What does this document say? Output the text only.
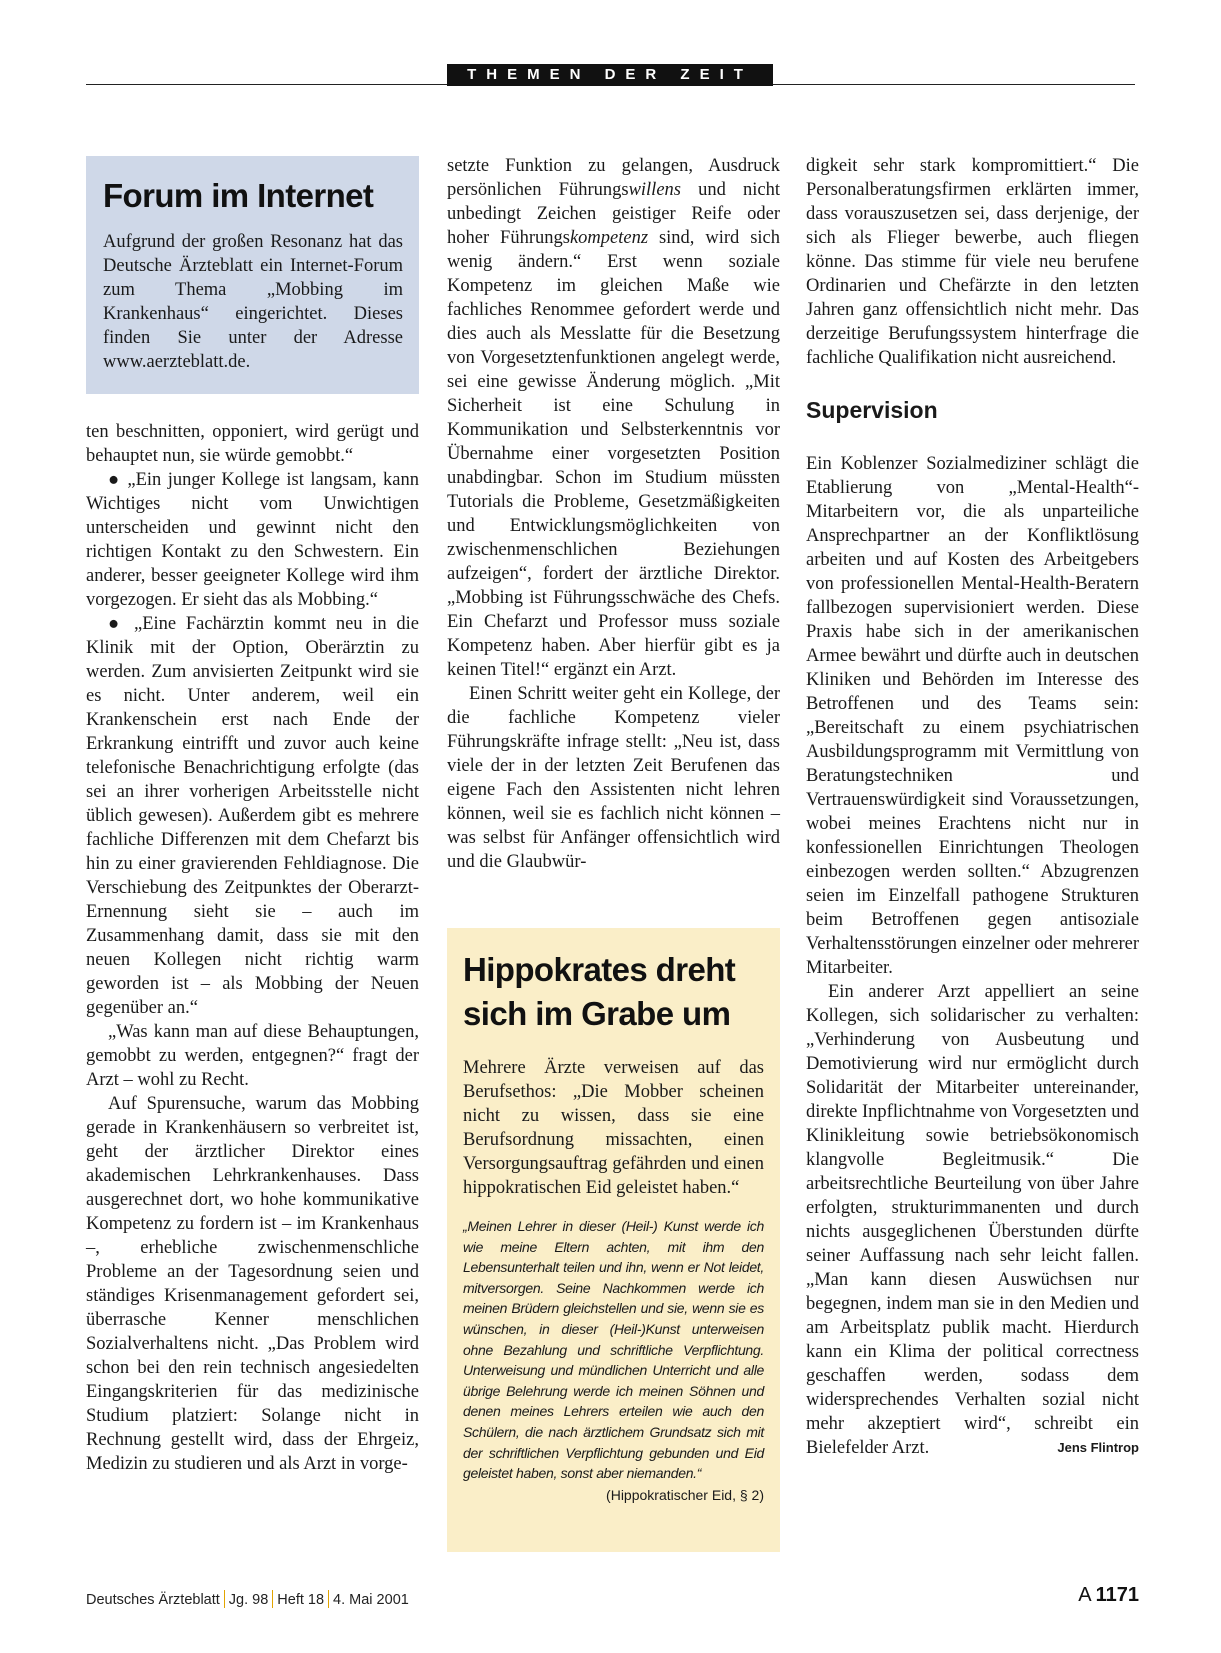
THEMEN DER ZEIT
Forum im Internet

Aufgrund der großen Resonanz hat das Deutsche Ärzteblatt ein Internet-Forum zum Thema „Mobbing im Krankenhaus“ eingerichtet. Dieses finden Sie unter der Adresse www.aerzteblatt.de.

ten beschnitten, opponiert, wird gerügt und behauptet nun, sie würde gemobbt.“

● „Ein junger Kollege ist langsam, kann Wichtiges nicht vom Unwichtigen unterscheiden und gewinnt nicht den richtigen Kontakt zu den Schwestern. Ein anderer, besser geeigneter Kollege wird ihm vorgezogen. Er sieht das als Mobbing.“

● „Eine Fachärztin kommt neu in die Klinik mit der Option, Oberärztin zu werden. Zum anvisierten Zeitpunkt wird sie es nicht. Unter anderem, weil ein Krankenschein erst nach Ende der Erkrankung eintrifft und zuvor auch keine telefonische Benachrichtigung erfolgte (das sei an ihrer vorherigen Arbeitsstelle nicht üblich gewesen). Außerdem gibt es mehrere fachliche Differenzen mit dem Chefarzt bis hin zu einer gravierenden Fehldiagnose. Die Verschiebung des Zeitpunktes der Oberarzt-Ernennung sieht sie – auch im Zusammenhang damit, dass sie mit den neuen Kollegen nicht richtig warm geworden ist – als Mobbing der Neuen gegenüber an.“

„Was kann man auf diese Behauptungen, gemobbt zu werden, entgegnen?“ fragt der Arzt – wohl zu Recht.

Auf Spurensuche, warum das Mobbing gerade in Krankenhäusern so verbreitet ist, geht der ärztlicher Direktor eines akademischen Lehrkrankenhauses. Dass ausgerechnet dort, wo hohe kommunikative Kompetenz zu fordern ist – im Krankenhaus –, erhebliche zwischenmenschliche Probleme an der Tagesordnung seien und ständiges Krisenmanagement gefordert sei, überrasche Kenner menschlichen Sozialverhaltens nicht. „Das Problem wird schon bei den rein technisch angesiedelten Eingangskriterien für das medizinische Studium platziert: Solange nicht in Rechnung gestellt wird, dass der Ehrgeiz, Medizin zu studieren und als Arzt in vorge-

setzte Funktion zu gelangen, Ausdruck persönlichen Führungswillens und nicht unbedingt Zeichen geistiger Reife oder hoher Führungskompetenz sind, wird sich wenig ändern.“ Erst wenn soziale Kompetenz im gleichen Maße wie fachliches Renommee gefordert werde und dies auch als Messlatte für die Besetzung von Vorgesetztenfunktionen angelegt werde, sei eine gewisse Änderung möglich. „Mit Sicherheit ist eine Schulung in Kommunikation und Selbsterkenntnis vor Übernahme einer vorgesetzten Position unabdingbar. Schon im Studium müssten Tutorials die Probleme, Gesetzmäßigkeiten und Entwicklungsmöglichkeiten von zwischenmenschlichen Beziehungen aufzeigen“, fordert der ärztliche Direktor. „Mobbing ist Führungsschwäche des Chefs. Ein Chefarzt und Professor muss soziale Kompetenz haben. Aber hierfür gibt es ja keinen Titel!“ ergänzt ein Arzt.

Einen Schritt weiter geht ein Kollege, der die fachliche Kompetenz vieler Führungskräfte infrage stellt: „Neu ist, dass viele der in der letzten Zeit Berufenen das eigene Fach den Assistenten nicht lehren können, weil sie es fachlich nicht können – was selbst für Anfänger offensichtlich wird und die Glaubwür-

Hippokrates dreht sich im Grabe um

Mehrere Ärzte verweisen auf das Berufsethos: „Die Mobber scheinen nicht zu wissen, dass sie eine Berufsordnung missachten, einen Versorgungsauftrag gefährden und einen hippokratischen Eid geleistet haben.“

„Meinen Lehrer in dieser (Heil-) Kunst werde ich wie meine Eltern achten, mit ihm den Lebensunterhalt teilen und ihn, wenn er Not leidet, mitversorgen. Seine Nachkommen werde ich meinen Brüdern gleichstellen und sie, wenn sie es wünschen, in dieser (Heil-)Kunst unterweisen ohne Bezahlung und schriftliche Verpflichtung. Unterweisung und mündlichen Unterricht und alle übrige Belehrung werde ich meinen Söhnen und denen meines Lehrers erteilen wie auch den Schülern, die nach ärztlichem Grundsatz sich mit der schriftlichen Verpflichtung gebunden und Eid geleistet haben, sonst aber niemanden.“

(Hippokratischer Eid, § 2)

digkeit sehr stark kompromittiert.“ Die Personalberatungsfirmen erklärten immer, dass vorauszusetzen sei, dass derjenige, der sich als Flieger bewerbe, auch fliegen könne. Das stimme für viele neu berufene Ordinarien und Chefärzte in den letzten Jahren ganz offensichtlich nicht mehr. Das derzeitige Berufungssystem hinterfrage die fachliche Qualifikation nicht ausreichend.

Supervision

Ein Koblenzer Sozialmediziner schlägt die Etablierung von „Mental-Health“-Mitarbeitern vor, die als unparteiliche Ansprechpartner an der Konfliktlösung arbeiten und auf Kosten des Arbeitgebers von professionellen Mental-Health-Beratern fallbezogen supervisioniert werden. Diese Praxis habe sich in der amerikanischen Armee bewährt und dürfte auch in deutschen Kliniken und Behörden im Interesse des Betroffenen und des Teams sein: „Bereitschaft zu einem psychiatrischen Ausbildungsprogramm mit Vermittlung von Beratungstechniken und Vertrauenswürdigkeit sind Voraussetzungen, wobei meines Erachtens nicht nur in konfessionellen Einrichtungen Theologen einbezogen werden sollten.“ Abzugrenzen seien im Einzelfall pathogene Strukturen beim Betroffenen gegen antisoziale Verhaltensstörungen einzelner oder mehrerer Mitarbeiter.

Ein anderer Arzt appelliert an seine Kollegen, sich solidarischer zu verhalten: „Verhinderung von Ausbeutung und Demotivierung wird nur ermöglicht durch Solidarität der Mitarbeiter untereinander, direkte Inpflichtnahme von Vorgesetzten und Klinikleitung sowie betriebsökonomisch klangvolle Begleitmusik.“ Die arbeitsrechtliche Beurteilung von über Jahre erfolgten, strukturimmanenten und durch nichts ausgeglichenen Überstunden dürfte seiner Auffassung nach sehr leicht fallen. „Man kann diesen Auswüchsen nur begegnen, indem man sie in den Medien und am Arbeitsplatz publik macht. Hierdurch kann ein Klima der political correctness geschaffen werden, sodass dem widersprechendes Verhalten sozial nicht mehr akzeptiert wird“, schreibt ein Bielefelder Arzt.	Jens Flintrop

Deutsches Ärzteblatt Jg. 98 Heft 18 4. Mai 2001	A 1171
